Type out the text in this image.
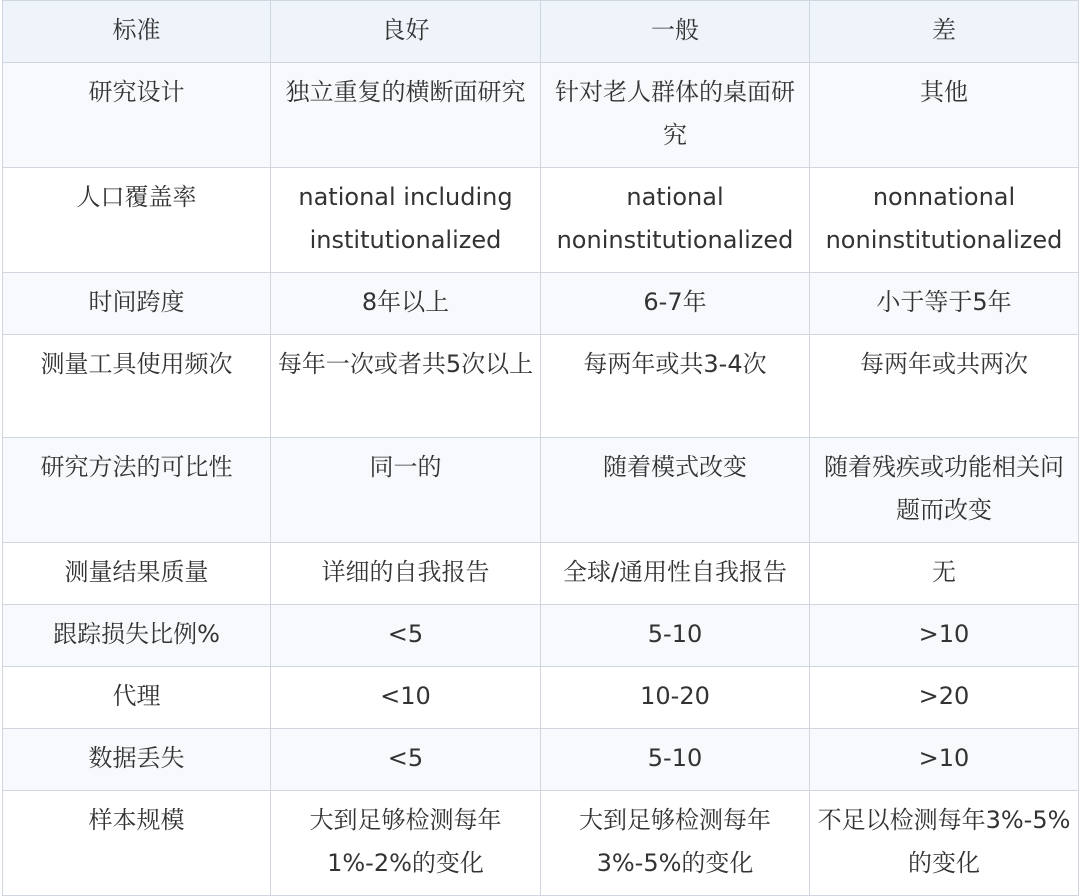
标准	良好	一般	差
研究设计	独立重复的横断面研究	针对老人群体的桌面研究	其他
人口覆盖率	national including institutionalized	national noninstitutionalized	nonnational noninstitutionalized
时间跨度	8年以上	6-7年	小于等于5年
测量工具使用频次	每年一次或者共5次以上	每两年或共3-4次	每两年或共两次
研究方法的可比性	同一的	随着模式改变	随着残疾或功能相关问题而改变
测量结果质量	详细的自我报告	全球/通用性自我报告	无
跟踪损失比例%	<5	5-10	>10
代理	<10	10-20	>20
数据丢失	<5	5-10	>10
样本规模	大到足够检测每年1%-2%的变化	大到足够检测每年3%-5%的变化	不足以检测每年3%-5%的变化
